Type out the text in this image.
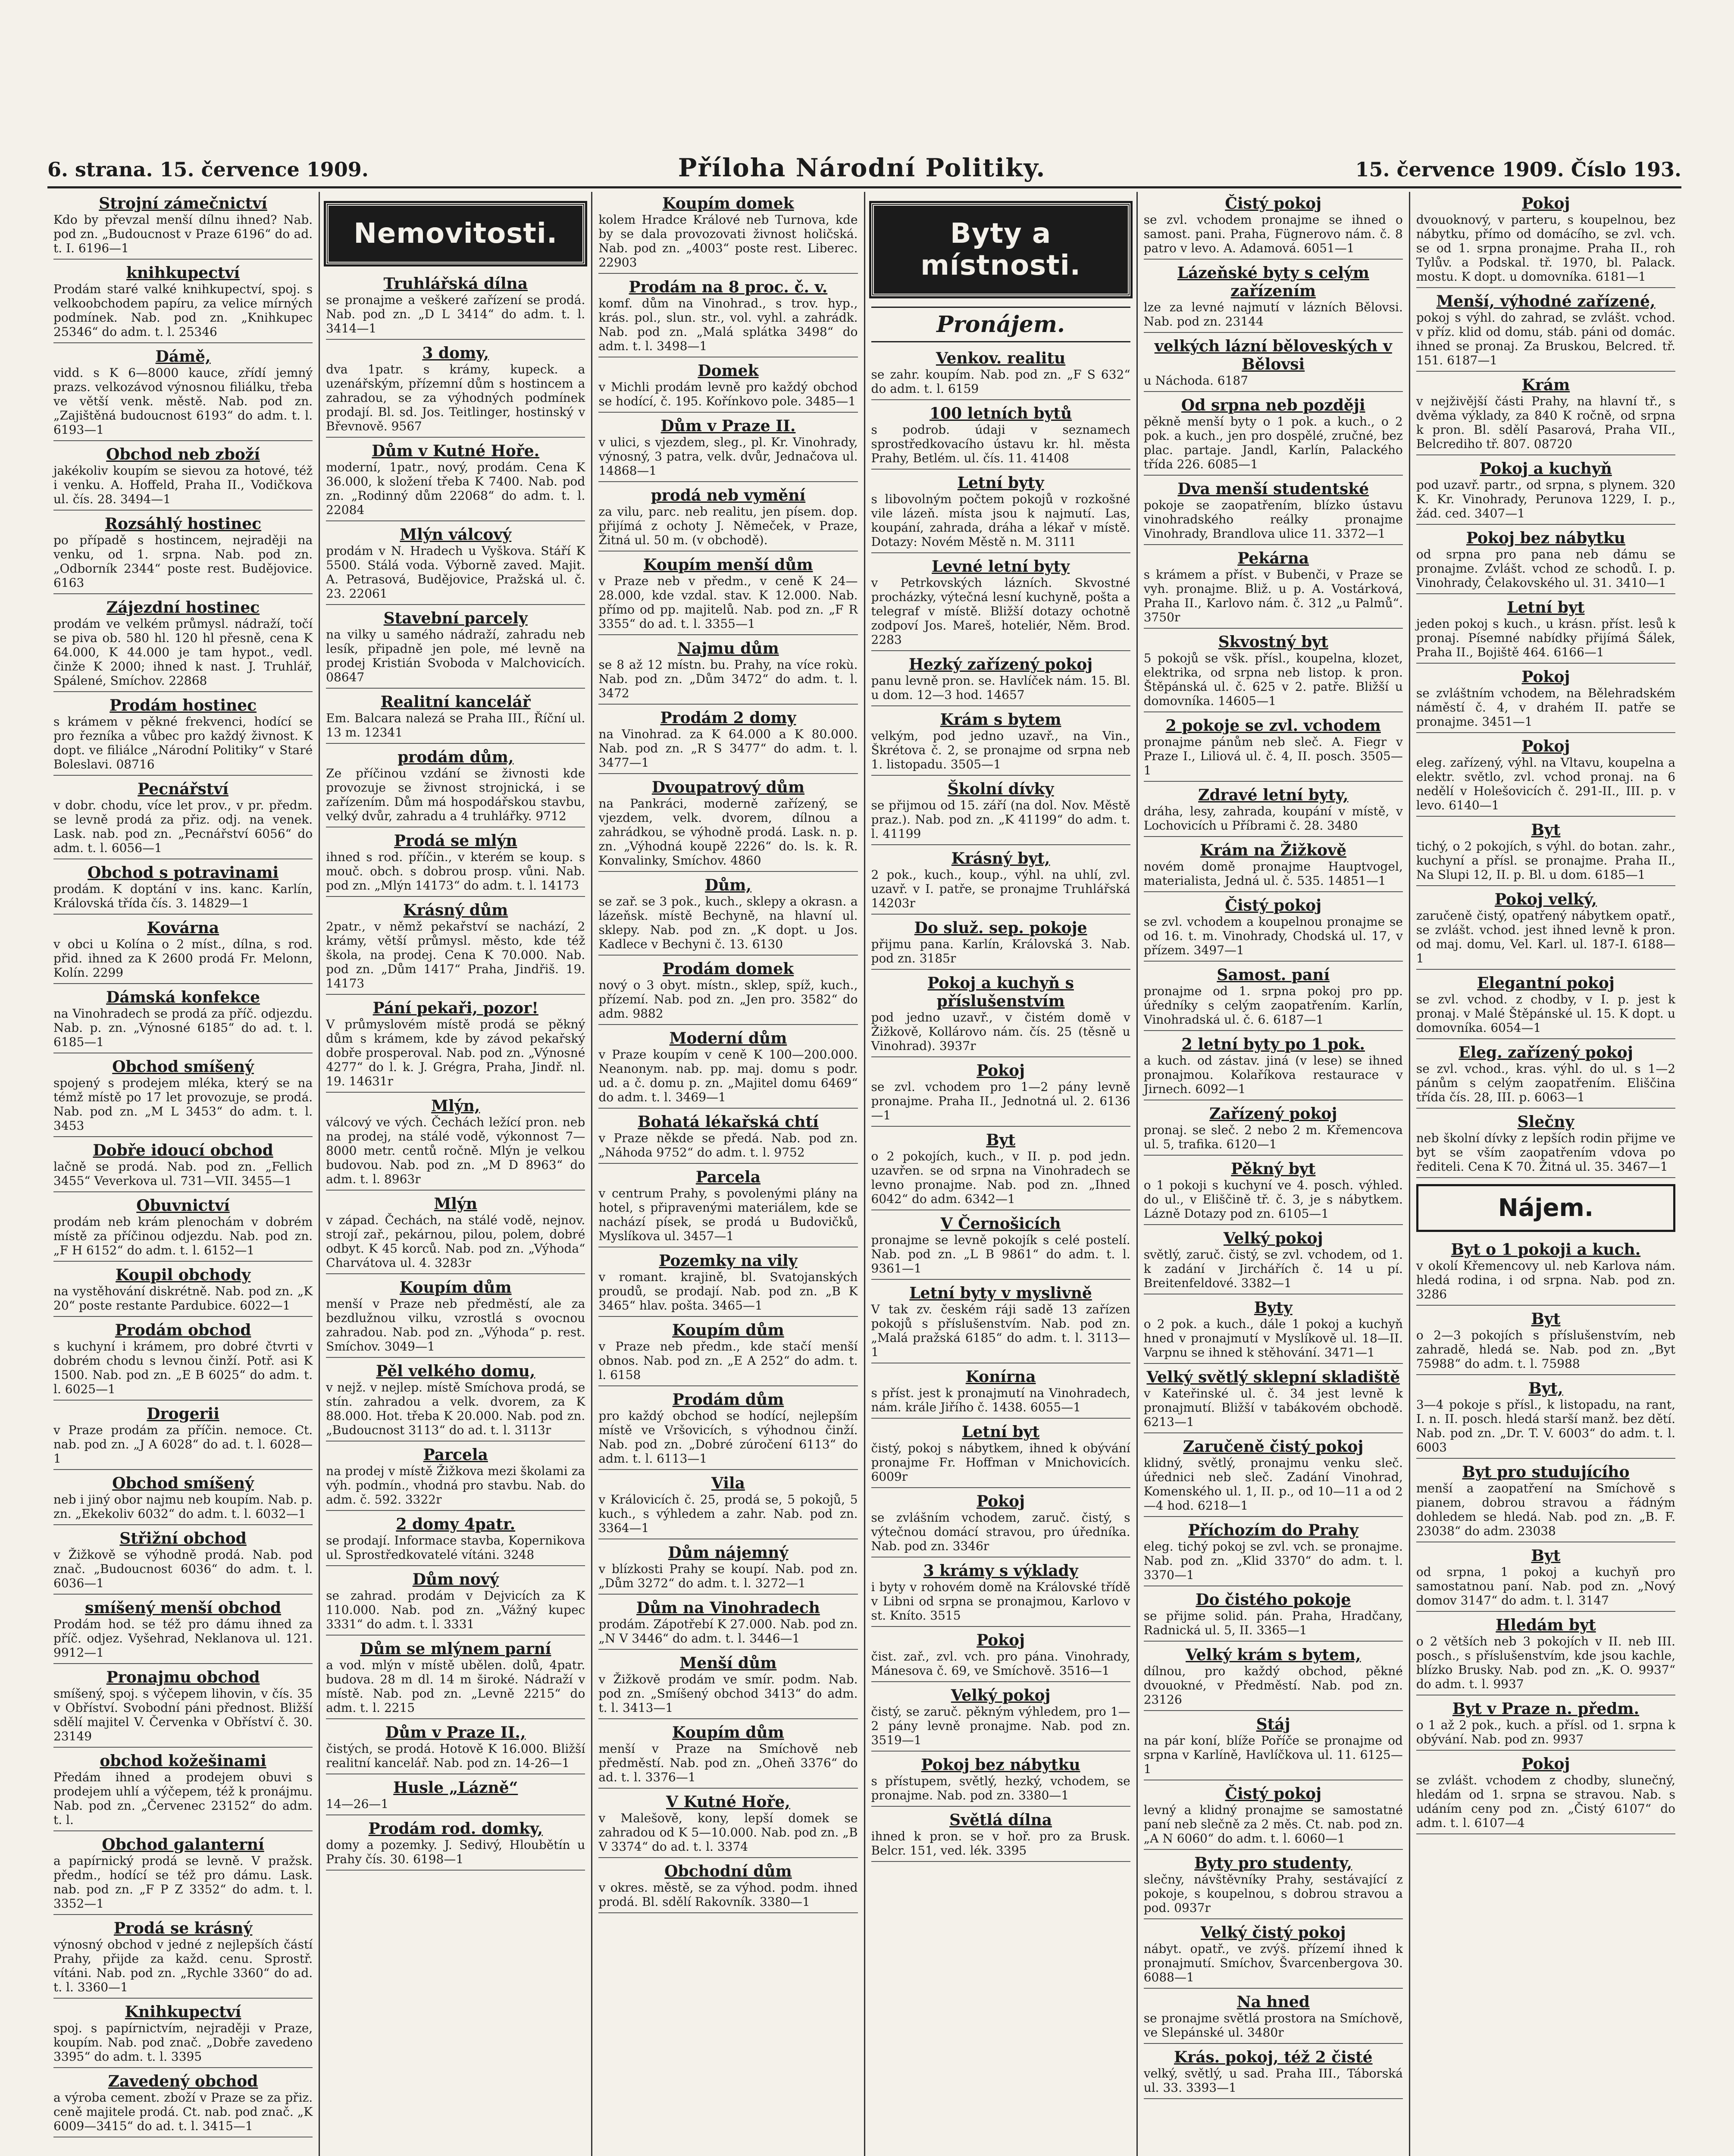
6. strana. 15. července 1909.	Příloha Národní Politiky.	15. července 1909. Číslo 193.
Strojní zámečnictví
Kdo by převzal menší dílnu ihned? Nab. pod zn. „Budoucnost v Praze 6196“ do ad. t. I. 6196—1
knihkupectví
Prodám staré valké knihkupectví, spoj. s velkoobchodem papíru, za velice mírných podmínek. Nab. pod zn. „Knihkupec 25346“ do adm. t. l. 25346
Dámě,
vidd. s K 6—8000 kauce, zřídí jemný prazs. velkozávod výnosnou filiálku, třeba ve větší venk. městě. Nab. pod zn. „Zajištěná budoucnost 6193“ do adm. t. l. 6193—1
Obchod neb zboží
jakékoliv koupím se sievou za hotové, též i venku. A. Hoffeld, Praha II., Vodičkova ul. čís. 28. 3494—1
Rozsáhlý hostinec
po případě s hostincem, nejraději na venku, od 1. srpna. Nab. pod zn. „Odborník 2344“ poste rest. Budějovice. 6163
Zájezdní hostinec
prodám ve velkém průmysl. nádraží, točí se piva ob. 580 hl. 120 hl přesně, cena K 64.000, K 44.000 je tam hypot., vedl. činže K 2000; ihned k nast. J. Truhlář, Spálené, Smíchov. 22868
Prodám hostinec
s krámem v pěkné frekvenci, hodící se pro řezníka a vůbec pro každý živnost. K dopt. ve filiálce „Národní Politiky“ v Staré Boleslavi. 08716
Pecnářství
v dobr. chodu, více let prov., v pr. předm. se levně prodá za přiz. odj. na venek. Lask. nab. pod zn. „Pecnářství 6056“ do adm. t. l. 6056—1
Obchod s potravinami
prodám. K doptání v ins. kanc. Karlín, Královská třída čís. 3. 14829—1
Kovárna
v obci u Kolína o 2 míst., dílna, s rod. přid. ihned za K 2600 prodá Fr. Melonn, Kolín. 2299
Dámská konfekce
na Vinohradech se prodá za příč. odjezdu. Nab. p. zn. „Výnosné 6185“ do ad. t. l. 6185—1
Obchod smíšený
spojený s prodejem mléka, který se na témž místě po 17 let provozuje, se prodá. Nab. pod zn. „M L 3453“ do adm. t. l. 3453
Dobře idoucí obchod
lačně se prodá. Nab. pod zn. „Fellich 3455“ Veverkova ul. 731—VII. 3455—1
Obuvnictví
prodám neb krám plenochám v dobrém místě za příčinou odjezdu. Nab. pod zn. „F H 6152“ do adm. t. l. 6152—1
Koupil obchody
na vystěhování diskrétně. Nab. pod zn. „K 20“ poste restante Pardubice. 6022—1
Prodám obchod
s kuchyní i krámem, pro dobré čtvrti v dobrém chodu s levnou činží. Potř. asi K 1500. Nab. pod zn. „E B 6025“ do adm. t. l. 6025—1
Drogerii
v Praze prodám za příčin. nemoce. Ct. nab. pod zn. „J A 6028“ do ad. t. l. 6028—1
Obchod smíšený
neb i jiný obor najmu neb koupím. Nab. p. zn. „Ekekoliv 6032“ do adm. t. l. 6032—1
Střižní obchod
v Žižkově se výhodně prodá. Nab. pod znač. „Budoucnost 6036“ do adm. t. l. 6036—1
smíšený menší obchod
Prodám hod. se též pro dámu ihned za příč. odjez. Vyšehrad, Neklanova ul. 121. 9912—1
Pronajmu obchod
smíšený, spoj. s výčepem lihovin, v čís. 35 v Obříství. Svobodní páni přednost. Bližší sdělí majitel V. Červenka v Obříství č. 30. 23149
obchod kožešinami
Předám ihned a prodejem obuvi s prodejem uhlí a výčepem, též k pronájmu. Nab. pod zn. „Červenec 23152“ do adm. t. l.
Obchod galanterní
a papírnický prodá se levně. V pražsk. předm., hodící se též pro dámu. Lask. nab. pod zn. „F P Z 3352“ do adm. t. l. 3352—1
Prodá se krásný
výnosný obchod v jedné z nejlepších částí Prahy, přijde za každ. cenu. Sprostř. vítáni. Nab. pod zn. „Rychle 3360“ do ad. t. l. 3360—1
Knihkupectví
spoj. s papírnictvím, nejraději v Praze, koupím. Nab. pod znač. „Dobře zavedeno 3395“ do adm. t. l. 3395
Zavedený obchod
a výroba cement. zboží v Praze se za přiz. ceně majitele prodá. Ct. nab. pod znač. „K 6009—3415“ do ad. t. l. 3415—1
Nemovitosti.
Truhlářská dílna
se pronajme a veškeré zařízení se prodá. Nab. pod zn. „D L 3414“ do adm. t. l. 3414—1
3 domy,
dva 1patr. s krámy, kupeck. a uzenářským, přízemní dům s hostincem a zahradou, se za výhodných podmínek prodají. Bl. sd. Jos. Teitlinger, hostinský v Břevnově. 9567
Dům v Kutné Hoře.
moderní, 1patr., nový, prodám. Cena K 36.000, k složení třeba K 7400. Nab. pod zn. „Rodinný dům 22068“ do adm. t. l. 22084
Mlýn válcový
prodám v N. Hradech u Vyškova. Stáří K 5500. Stálá voda. Výborně zaved. Majit. A. Petrasová, Budějovice, Pražská ul. č. 23. 22061
Stavební parcely
na vilky u samého nádraží, zahradu neb lesík, připadně jen pole, mé levně na prodej Kristián Svoboda v Malchovicích. 08647
Realitní kancelář
Em. Balcara nalezá se Praha III., Říční ul. 13 m. 12341
prodám dům,
Ze příčinou vzdání se živnosti kde provozuje se živnost strojnická, i se zařízením. Dům má hospodářskou stavbu, velký dvůr, zahradu a 4 truhlářky. 9712
Prodá se mlýn
ihned s rod. příčin., v kterém se koup. s mouč. obch. s dobrou prosp. vůni. Nab. pod zn. „Mlýn 14173“ do adm. t. l. 14173
Krásný dům
2patr., v němž pekařství se nachází, 2 krámy, větší průmysl. město, kde též škola, na prodej. Cena K 70.000. Nab. pod zn. „Dům 1417“ Praha, Jindřiš. 19. 14173
Pání pekaři, pozor!
V průmyslovém místě prodá se pěkný dům s krámem, kde by závod pekařský dobře prosperoval. Nab. pod zn. „Výnosné 4277“ do l. k. J. Grégra, Praha, Jindř. nl. 19. 14631r
Mlýn,
válcový ve vých. Čechách ležící pron. neb na prodej, na stálé vodě, výkonnost 7—8000 metr. centů ročně. Mlýn je velkou budovou. Nab. pod zn. „M D 8963“ do adm. t. l. 8963r
Mlýn
v západ. Čechách, na stálé vodě, nejnov. strojí zař., pekárnou, pilou, polem, dobré odbyt. K 45 korců. Nab. pod zn. „Výhoda“ Charvátova ul. 4. 3283r
Koupím dům
menší v Praze neb předměstí, ale za bezdlužnou vilku, vzrostlá s ovocnou zahradou. Nab. pod zn. „Výhoda“ p. rest. Smíchov. 3049—1
Pěl velkého domu,
v nejž. v nejlep. místě Smíchova prodá, se stín. zahradou a velk. dvorem, za K 88.000. Hot. třeba K 20.000. Nab. pod zn. „Budoucnost 3113“ do ad. t. l. 3113r
Parcela
na prodej v místě Žižkova mezi školami za výh. podmín., vhodná pro stavbu. Nab. do adm. č. 592. 3322r
2 domy 4patr.
se prodají. Informace stavba, Kopernikova ul. Sprostředkovatelé vítáni. 3248
Dům nový
se zahrad. prodám v Dejvicích za K 110.000. Nab. pod zn. „Vážný kupec 3331“ do adm. t. l. 3331
Dům se mlýnem parní
a vod. mlýn v místě ubělen. dolů, 4patr. budova. 28 m dl. 14 m široké. Nádraží v místě. Nab. pod zn. „Levně 2215“ do adm. t. l. 2215
Dům v Praze II.,
čistých, se prodá. Hotově K 16.000. Bližší realitní kancelář. Nab. pod zn. 14-26—1
Husle „Lázně“
14—26—1
Prodám rod. domky,
domy a pozemky. J. Sedivý, Hloubětín u Prahy čís. 30. 6198—1
Koupím domek
kolem Hradce Králové neb Turnova, kde by se dala provozovati živnost holičská. Nab. pod zn. „4003“ poste rest. Liberec. 22903
Prodám na 8 proc. č. v.
komf. dům na Vinohrad., s trov. hyp., krás. pol., slun. str., vol. vyhl. a zahrádk. Nab. pod zn. „Malá splátka 3498“ do adm. t. l. 3498—1
Domek
v Michli prodám levně pro každý obchod se hodící, č. 195. Kořínkovo pole. 3485—1
Dům v Praze II.
v ulici, s vjezdem, sleg., pl. Kr. Vinohrady, výnosný, 3 patra, velk. dvůr, Jednačova ul. 14868—1
prodá neb vymění
za vilu, parc. neb realitu, jen písem. dop. přijímá z ochoty J. Němeček, v Praze, Žitná ul. 50 m. (v obchodě).
Koupím menší dům
v Praze neb v předm., v ceně K 24—28.000, kde vzdal. stav. K 12.000. Nab. přímo od pp. majitelů. Nab. pod zn. „F R 3355“ do ad. t. l. 3355—1
Najmu dům
se 8 až 12 místn. bu. Prahy, na více rokù. Nab. pod zn. „Dům 3472“ do adm. t. l. 3472
Prodám 2 domy
na Vinohrad. za K 64.000 a K 80.000. Nab. pod zn. „R S 3477“ do adm. t. l. 3477—1
Dvoupatrový dům
na Pankráci, moderně zařízený, se vjezdem, velk. dvorem, dílnou a zahrádkou, se výhodně prodá. Lask. n. p. zn. „Výhodná koupě 2226“ do. ls. k. R. Konvalinky, Smíchov. 4860
Dům,
se zař. se 3 pok., kuch., sklepy a okrasn. a lázeňsk. místě Bechyně, na hlavní ul. sklepy. Nab. pod zn. „K dopt. u Jos. Kadlece v Bechyni č. 13. 6130
Prodám domek
nový o 3 obyt. místn., sklep, spíž, kuch., přízemí. Nab. pod zn. „Jen pro. 3582“ do adm. 9882
Moderní dům
v Praze koupím v ceně K 100—200.000. Neanonym. nab. pp. maj. domu s podr. ud. a č. domu p. zn. „Majitel domu 6469“ do adm. t. l. 3469—1
Bohatá lékařská chtí
v Praze někde se předá. Nab. pod zn. „Náhoda 9752“ do adm. t. l. 9752
Parcela
v centrum Prahy, s povolenými plány na hotel, s připravenými materiálem, kde se nachází písek, se prodá u Budovičků, Myslíkova ul. 3457—1
Pozemky na vily
v romant. krajině, bl. Svatojanských proudů, se prodají. Nab. pod zn. „B K 3465“ hlav. pošta. 3465—1
Koupím dům
v Praze neb předm., kde stačí menší obnos. Nab. pod zn. „E A 252“ do adm. t. l. 6158
Prodám dům
pro každý obchod se hodící, nejlepším místě ve Vršovicích, s výhodnou činží. Nab. pod zn. „Dobré zúročení 6113“ do adm. t. l. 6113—1
Vila
v Královicích č. 25, prodá se, 5 pokojů, 5 kuch., s výhledem a zahr. Nab. pod zn. 3364—1
Dům nájemný
v blízkosti Prahy se koupí. Nab. pod zn. „Dům 3272“ do adm. t. l. 3272—1
Dům na Vinohradech
prodám. Zápotřebí K 27.000. Nab. pod zn. „N V 3446“ do adm. t. l. 3446—1
Menší dům
v Žižkově prodám ve smír. podm. Nab. pod zn. „Smíšený obchod 3413“ do adm. t. l. 3413—1
Koupím dům
menší v Praze na Smíchově neb předměstí. Nab. pod zn. „Oheň 3376“ do ad. t. l. 3376—1
V Kutné Hoře,
v Malešově, kony, lepší domek se zahradou od K 5—10.000. Nab. pod zn. „B V 3374“ do ad. t. l. 3374
Obchodní dům
v okres. městě, se za výhod. podm. ihned prodá. Bl. sdělí Rakovník. 3380—1
Byty a místnosti.
Pronájem.
Venkov. realitu
se zahr. koupím. Nab. pod zn. „F S 632“ do adm. t. l. 6159
100 letních bytů
s podrob. údaji v seznamech sprostředkovacího ústavu kr. hl. města Prahy, Betlém. ul. čís. 11. 41408
Letní byty
s libovolným počtem pokojů v rozkošné vile lázeň. místa jsou k najmutí. Las, koupání, zahrada, dráha a lékař v místě. Dotazy: Novém Městě n. M. 3111
Levné letní byty
v Petrkovských lázních. Skvostné procházky, výtečná lesní kuchyně, pošta a telegraf v místě. Bližší dotazy ochotně zodpoví Jos. Mareš, hoteliér, Něm. Brod. 2283
Hezký zařízený pokoj
panu levně pron. se. Havlíček nám. 15. Bl. u dom. 12—3 hod. 14657
Krám s bytem
velkým, pod jedno uzavř., na Vin., Škrétova č. 2, se pronajme od srpna neb 1. listopadu. 3505—1
Školní dívky
se přijmou od 15. září (na dol. Nov. Městě praz.). Nab. pod zn. „K 41199“ do adm. t. l. 41199
Krásný byt,
2 pok., kuch., koup., výhl. na uhlí, zvl. uzavř. v I. patře, se pronajme Truhlářská 14203r
Do služ. sep. pokoje
přijmu pana. Karlín, Královská 3. Nab. pod zn. 3185r
Pokoj a kuchyň s příslušenstvím
pod jedno uzavř., v čistém domě v Žižkově, Kollárovo nám. čís. 25 (těsně u Vinohrad). 3937r
Pokoj
se zvl. vchodem pro 1—2 pány levně pronajme. Praha II., Jednotná ul. 2. 6136—1
Byt
o 2 pokojích, kuch., v II. p. pod jedn. uzavřen. se od srpna na Vinohradech se levno pronajme. Nab. pod zn. „Ihned 6042“ do adm. 6342—1
V Černošicích
pronajme se levně pokojík s celé postelí. Nab. pod zn. „L B 9861“ do adm. t. l. 9361—1
Letní byty v myslivně
V tak zv. českém ráji sadě 13 zařízen pokojů s příslušenstvím. Nab. pod zn. „Malá pražská 6185“ do adm. t. l. 3113—1
Konírna
s příst. jest k pronajmutí na Vinohradech, nám. krále Jiřího č. 1438. 6055—1
Letní byt
čistý, pokoj s nábytkem, ihned k obývání pronajme Fr. Hoffman v Mnichovicích. 6009r
Pokoj
se zvlášním vchodem, zaruč. čistý, s výtečnou domácí stravou, pro úředníka. Nab. pod zn. 3346r
3 krámy s výklady
i byty v rohovém domě na Královské třídě v Libni od srpna se pronajmou, Karlovo v st. Kníto. 3515
Pokoj
čist. zař., zvl. vch. pro pána. Vinohrady, Mánesova č. 69, ve Smíchově. 3516—1
Velký pokoj
čistý, se zaruč. pěkným výhledem, pro 1—2 pány levně pronajme. Nab. pod zn. 3519—1
Pokoj bez nábytku
s přístupem, světlý, hezký, vchodem, se pronajme. Nab. pod zn. 3380—1
Světlá dílna
ihned k pron. se v hoř. pro za Brusk. Belcr. 151, ved. lék. 3395
Čistý pokoj
se zvl. vchodem pronajme se ihned o samost. pani. Praha, Fügnerovo nám. č. 8 patro v levo. A. Adamová. 6051—1
Lázeňské byty s celým zařízením
lze za levné najmutí v lázních Bělovsi. Nab. pod zn. 23144
velkých lázní běloveských v Bělovsi
u Náchoda. 6187
Od srpna neb později
pěkně menší byty o 1 pok. a kuch., o 2 pok. a kuch., jen pro dospělé, zručné, bez plac. partaje. Jandl, Karlín, Palackého třída 226. 6085—1
Dva menší studentské
pokoje se zaopatřením, blízko ústavu vinohradského reálky pronajme Vinohrady, Brandlova ulice 11. 3372—1
Pekárna
s krámem a příst. v Bubenči, v Praze se vyh. pronajme. Bliž. u p. A. Vostárková, Praha II., Karlovo nám. č. 312 „u Palmů“. 3750r
Skvostný byt
5 pokojů se všk. přísl., koupelna, klozet, elektrika, od srpna neb listop. k pron. Štěpánská ul. č. 625 v 2. patře. Bližší u domovníka. 14605—1
2 pokoje se zvl. vchodem
pronajme pánům neb sleč. A. Fiegr v Praze I., Liliová ul. č. 4, II. posch. 3505—1
Zdravé letní byty,
dráha, lesy, zahrada, koupání v místě, v Lochovicích u Příbrami č. 28. 3480
Krám na Žižkově
novém domě pronajme Hauptvogel, materialista, Jedná ul. č. 535. 14851—1
Čistý pokoj
se zvl. vchodem a koupelnou pronajme se od 16. t. m. Vinohrady, Chodská ul. 17, v přízem. 3497—1
Samost. paní
pronajme od 1. srpna pokoj pro pp. úředníky s celým zaopatřením. Karlín, Vinohradská ul. č. 6. 6187—1
2 letní byty po 1 pok.
a kuch. od zástav. jiná (v lese) se ihned pronajmou. Kolaříkova restaurace v Jirnech. 6092—1
Zařízený pokoj
pronaj. se sleč. 2 nebo 2 m. Křemencova ul. 5, trafika. 6120—1
Pěkný byt
o 1 pokoji s kuchyní ve 4. posch. výhled. do ul., v Eliščině tř. č. 3, je s nábytkem. Lázně Dotazy pod zn. 6105—1
Velký pokoj
světlý, zaruč. čistý, se zvl. vchodem, od 1. k zadání v Jirchářích č. 14 u pí. Breitenfeldové. 3382—1
Byty
o 2 pok. a kuch., dále 1 pokoj a kuchyň hned v pronajmutí v Myslíkově ul. 18—II. Varpnu se ihned k stěhování. 3471—1
Velký světlý sklepní skladiště
v Kateřinské ul. č. 34 jest levně k pronajmutí. Bližší v tabákovém obchodě. 6213—1
Zaručeně čistý pokoj
klidný, světlý, pronajmu venku sleč. úřednici neb sleč. Zadání Vinohrad, Komenského ul. 1, II. p., od 10—11 a od 2—4 hod. 6218—1
Příchozím do Prahy
eleg. tichý pokoj se zvl. vch. se pronajme. Nab. pod zn. „Klid 3370“ do adm. t. l. 3370—1
Do čistého pokoje
se přijme solid. pán. Praha, Hradčany, Radnická ul. 5, II. 3365—1
Velký krám s bytem,
dílnou, pro každý obchod, pěkné dvouokné, v Předměstí. Nab. pod zn. 23126
Stáj
na pár koní, blíže Poříče se pronajme od srpna v Karlíně, Havlíčkova ul. 11. 6125—1
Čistý pokoj
levný a klidný pronajme se samostatné paní neb slečně za 2 měs. Ct. nab. pod zn. „A N 6060“ do adm. t. l. 6060—1
Byty pro studenty,
slečny, návštěvníky Prahy, sestávající z pokoje, s koupelnou, s dobrou stravou a pod. 0937r
Velký čistý pokoj
nábyt. opatř., ve zvýš. přízemí ihned k pronajmutí. Smíchov, Švarcenbergova 30. 6088—1
Na hned
se pronajme světlá prostora na Smíchově, ve Slepánské ul. 3480r
Krás. pokoj, též 2 čisté
velký, světlý, u sad. Praha III., Táborská ul. 33. 3393—1
Pokoj
dvouoknový, v parteru, s koupelnou, bez nábytku, přímo od domácího, se zvl. vch. se od 1. srpna pronajme. Praha II., roh Tylův. a Podskal. tř. 1970, bl. Palack. mostu. K dopt. u domovníka. 6181—1
Menší, výhodné zařízené,
pokoj s výhl. do zahrad, se zvlášt. vchod. v příz. klid od domu, stáb. páni od domác. ihned se pronaj. Za Bruskou, Belcred. tř. 151. 6187—1
Krám
v nejživější části Prahy, na hlavní tř., s dvěma výklady, za 840 K ročně, od srpna k pron. Bl. sdělí Pasarová, Praha VII., Belcrediho tř. 807. 08720
Pokoj a kuchyň
pod uzavř. partr., od srpna, s plynem. 320 K. Kr. Vinohrady, Perunova 1229, I. p., žád. ced. 3407—1
Pokoj bez nábytku
od srpna pro pana neb dámu se pronajme. Zvlášt. vchod ze schodů. I. p. Vinohrady, Čelakovského ul. 31. 3410—1
Letní byt
jeden pokoj s kuch., u krásn. příst. lesů k pronaj. Písemné nabídky přijímá Šálek, Praha II., Bojiště 464. 6166—1
Pokoj
se zvláštním vchodem, na Bělehradském náměstí č. 4, v drahém II. patře se pronajme. 3451—1
Pokoj
eleg. zařízený, výhl. na Vltavu, koupelna a elektr. světlo, zvl. vchod pronaj. na 6 nedělí v Holešovicích č. 291-II., III. p. v levo. 6140—1
Byt
tichý, o 2 pokojích, s výhl. do botan. zahr., kuchyní a přísl. se pronajme. Praha II., Na Slupi 12, II. p. Bl. u dom. 6185—1
Pokoj velký,
zaručeně čistý, opatřený nábytkem opatř., se zvlášt. vchod. jest ihned levně k pron. od maj. domu, Vel. Karl. ul. 187-I. 6188—1
Elegantní pokoj
se zvl. vchod. z chodby, v I. p. jest k pronaj. v Malé Štěpánské ul. 15. K dopt. u domovníka. 6054—1
Eleg. zařízený pokoj
se zvl. vchod., kras. výhl. do ul. s 1—2 pánům s celým zaopatřením. Eliščina třída čís. 28, III. p. 6063—1
Slečny
neb školní dívky z lepších rodin přijme ve byt se vším zaopatřením vdova po řediteli. Cena K 70. Žitná ul. 35. 3467—1
Nájem.
Byt o 1 pokoji a kuch.
v okolí Křemencovy ul. neb Karlova nám. hledá rodina, i od srpna. Nab. pod zn. 3286
Byt
o 2—3 pokojích s příslušenstvím, neb zahradě, hledá se. Nab. pod zn. „Byt 75988“ do adm. t. l. 75988
Byt,
3—4 pokoje s přísl., k listopadu, na rant, I. n. II. posch. hledá starší manž. bez dětí. Nab. pod zn. „Dr. T. V. 6003“ do adm. t. l. 6003
Byt pro studujícího
menší a zaopatření na Smíchově s pianem, dobrou stravou a řádným dohledem se hledá. Nab. pod zn. „B. F. 23038“ do adm. 23038
Byt
od srpna, 1 pokoj a kuchyň pro samostatnou paní. Nab. pod zn. „Nový domov 3147“ do adm. t. l. 3147
Hledám byt
o 2 větších neb 3 pokojích v II. neb III. posch., s příslušenstvím, kde jsou kachle, blízko Brusky. Nab. pod zn. „K. O. 9937“ do adm. t. l. 9937
Byt v Praze n. předm.
o 1 až 2 pok., kuch. a přísl. od 1. srpna k obývání. Nab. pod zn. 9937
Pokoj
se zvlášt. vchodem z chodby, slunečný, hledám od 1. srpna se stravou. Nab. s udáním ceny pod zn. „Čistý 6107“ do adm. t. l. 6107—4
